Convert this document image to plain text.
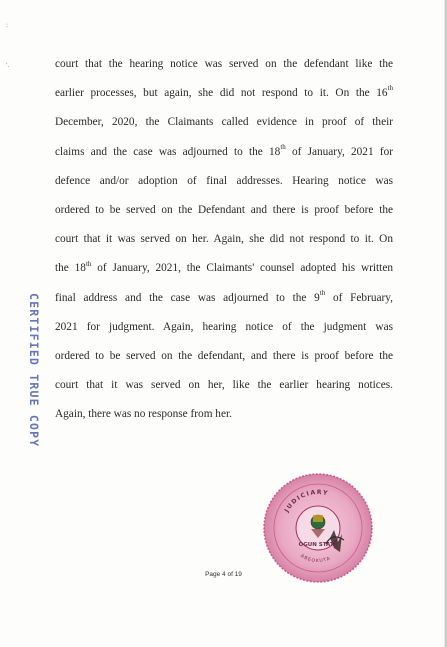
:

'.	court that the hearing notice was served on the defendant like the
earlier processes, but again, she did not respond to it. On the 16th
December, 2020, the Claimants called evidence in proof of their
claims and the case was adjourned to the 18th of January, 2021 for
defence and/or adoption of final addresses. Hearing notice was
ordered to be served on the Defendant and there is proof before the
court that it was served on her. Again, she did not respond to it. On
the 18th of January, 2021, the Claimants' counsel adopted his written
final address and the case was adjourned to the 9th of February,
2021 for judgment. Again, hearing notice of the judgment was
ordered to be served on the defendant, and there is proof before the
court that it was served on her, like the earlier hearing notices.
Again, there was no response from her.
CERTIFIED TRUE COPY
JUDICIARY
OGUN STATE
ABEOKUTA
Page 4 of 19
